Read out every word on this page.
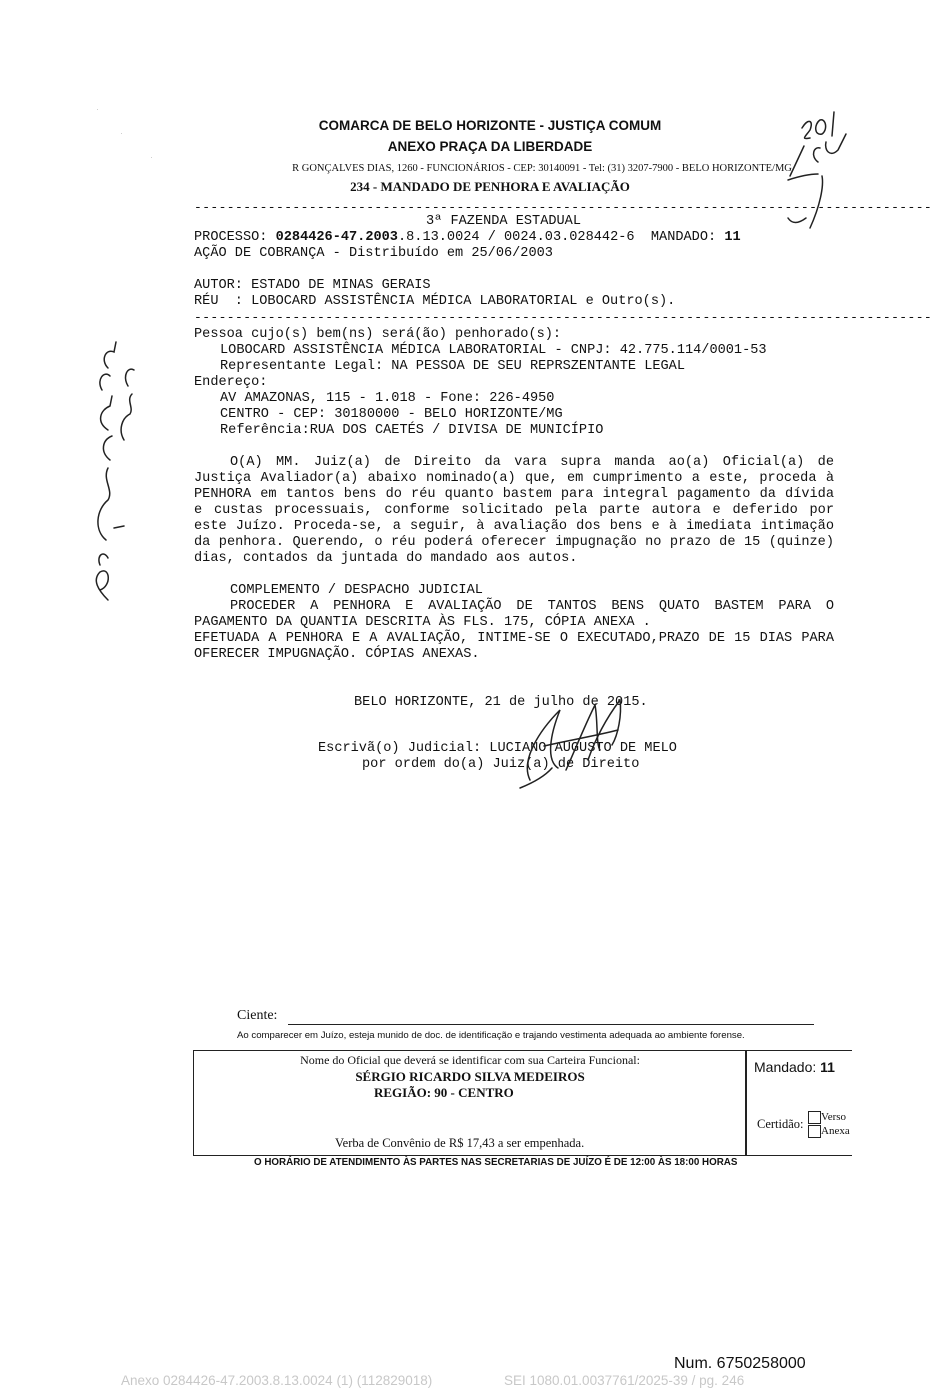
COMARCA DE BELO HORIZONTE - JUSTIÇA COMUM
ANEXO PRAÇA DA LIBERDADE
R GONÇALVES DIAS, 1260 - FUNCIONÁRIOS - CEP: 30140091 - Tel: (31) 3207-7900 - BELO HORIZONTE/MG
234 - MANDADO DE PENHORA E AVALIAÇÃO
------------------------------------------------------------------------------------------
3ª FAZENDA ESTADUAL
PROCESSO: 0284426-47.2003.8.13.0024 / 0024.03.028442-6 MANDADO: 11
AÇÃO DE COBRANÇA - Distribuído em 25/06/2003
AUTOR: ESTADO DE MINAS GERAIS
RÉU  : LOBOCARD ASSISTÊNCIA MÉDICA LABORATORIAL e Outro(s).
------------------------------------------------------------------------------------------
Pessoa cujo(s) bem(ns) será(ão) penhorado(s):
LOBOCARD ASSISTÊNCIA MÉDICA LABORATORIAL - CNPJ: 42.775.114/0001-53
Representante Legal: NA PESSOA DE SEU REPRSZENTANTE LEGAL
Endereço:
AV AMAZONAS, 115 - 1.018 - Fone: 226-4950
CENTRO - CEP: 30180000 - BELO HORIZONTE/MG
Referência:RUA DOS CAETÉS / DIVISA DE MUNICÍPIO
O(A) MM. Juiz(a) de Direito da vara supra manda ao(a) Oficial(a) de Justiça Avaliador(a) abaixo nominado(a) que, em cumprimento a este, proceda à PENHORA em tantos bens do réu quanto bastem para integral pagamento da dívida e custas processuais, conforme solicitado pela parte autora e deferido por este Juízo. Proceda-se, a seguir, à avaliação dos bens e à imediata intimação da penhora. Querendo, o réu poderá oferecer impugnação no prazo de 15 (quinze) dias, contados da juntada do mandado aos autos.
COMPLEMENTO / DESPACHO JUDICIAL
PROCEDER A PENHORA E AVALIAÇÃO DE TANTOS BENS QUATO BASTEM PARA O PAGAMENTO DA QUANTIA DESCRITA ÀS FLS. 175, CÓPIA ANEXA .
EFETUADA A PENHORA E A AVALIAÇÃO, INTIME-SE O EXECUTADO,PRAZO DE 15 DIAS PARA OFERECER IMPUGNAÇÃO. CÓPIAS ANEXAS.
BELO HORIZONTE, 21 de julho de 2015.
Escrivã(o) Judicial: LUCIANO AUGUSTO DE MELO
por ordem do(a) Juiz(a) de Direito
·
·
·
Ciente:
Ao comparecer em Juízo, esteja munido de doc. de identificação e trajando vestimenta adequada ao ambiente forense.
Nome do Oficial que deverá se identificar com sua Carteira Funcional:
SÉRGIO RICARDO SILVA MEDEIROS
REGIÃO: 90 - CENTRO
Verba de Convênio de R$ 17,43 a ser empenhada.
Mandado: 11
Certidão:	Verso
Anexa
O HORÁRIO DE ATENDIMENTO ÀS PARTES NAS SECRETARIAS DE JUÍZO É DE 12:00 ÀS 18:00 HORAS
Num. 6750258000
Anexo 0284426-47.2003.8.13.0024 (1) (112829018)	SEI 1080.01.0037761/2025-39 / pg. 246
